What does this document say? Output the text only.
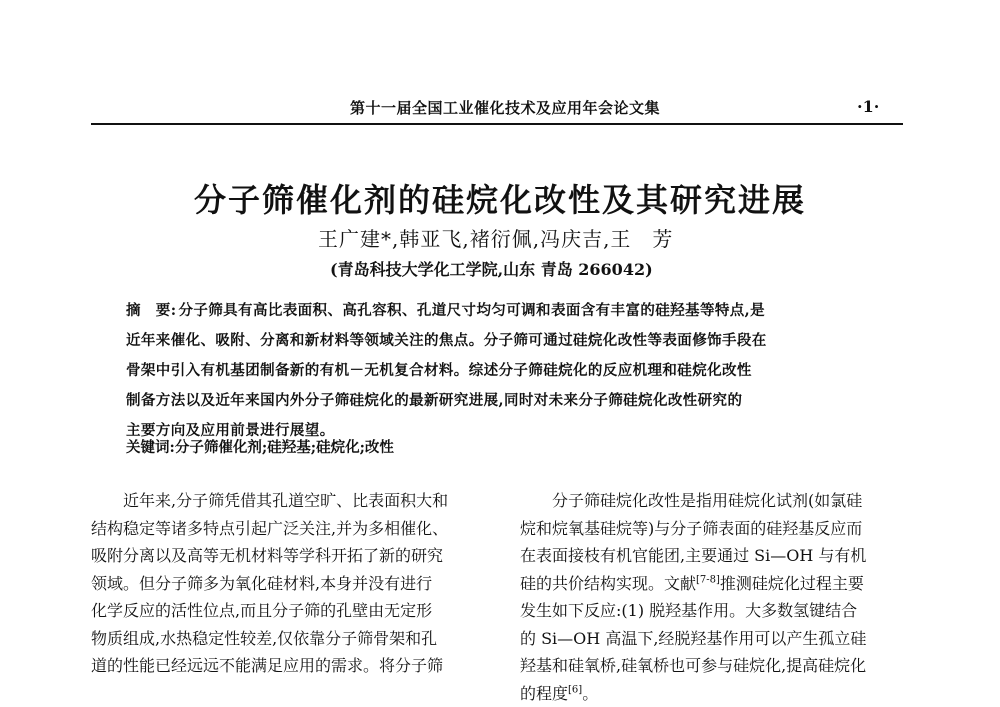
第十一届全国工业催化技术及应用年会论文集	·1·
分子筛催化剂的硅烷化改性及其研究进展
王广建*,韩亚飞,褚衍佩,冯庆吉,王　芳
(青岛科技大学化工学院,山东 青岛 266042)
摘　要: 分子筛具有高比表面积、高孔容积、孔道尺寸均匀可调和表面含有丰富的硅羟基等特点,是
近年来催化、吸附、分离和新材料等领域关注的焦点。分子筛可通过硅烷化改性等表面修饰手段在
骨架中引入有机基团制备新的有机－无机复合材料。综述分子筛硅烷化的反应机理和硅烷化改性
制备方法以及近年来国内外分子筛硅烷化的最新研究进展,同时对未来分子筛硅烷化改性研究的
主要方向及应用前景进行展望。
关键词:分子筛催化剂;硅羟基;硅烷化;改性
近年来,分子筛凭借其孔道空旷、比表面积大和
结构稳定等诸多特点引起广泛关注,并为多相催化、
吸附分离以及高等无机材料等学科开拓了新的研究
领域。但分子筛多为氧化硅材料,本身并没有进行
化学反应的活性位点,而且分子筛的孔壁由无定形
物质组成,水热稳定性较差,仅依靠分子筛骨架和孔
道的性能已经远远不能满足应用的需求。将分子筛
分子筛硅烷化改性是指用硅烷化试剂(如氯硅
烷和烷氧基硅烷等)与分子筛表面的硅羟基反应而
在表面接枝有机官能团,主要通过 Si—OH 与有机
硅的共价结构实现。文献[7-8]推测硅烷化过程主要
发生如下反应:(1) 脱羟基作用。大多数氢键结合
的 Si—OH 高温下,经脱羟基作用可以产生孤立硅
羟基和硅氧桥,硅氧桥也可参与硅烷化,提高硅烷化
的程度[6]。
